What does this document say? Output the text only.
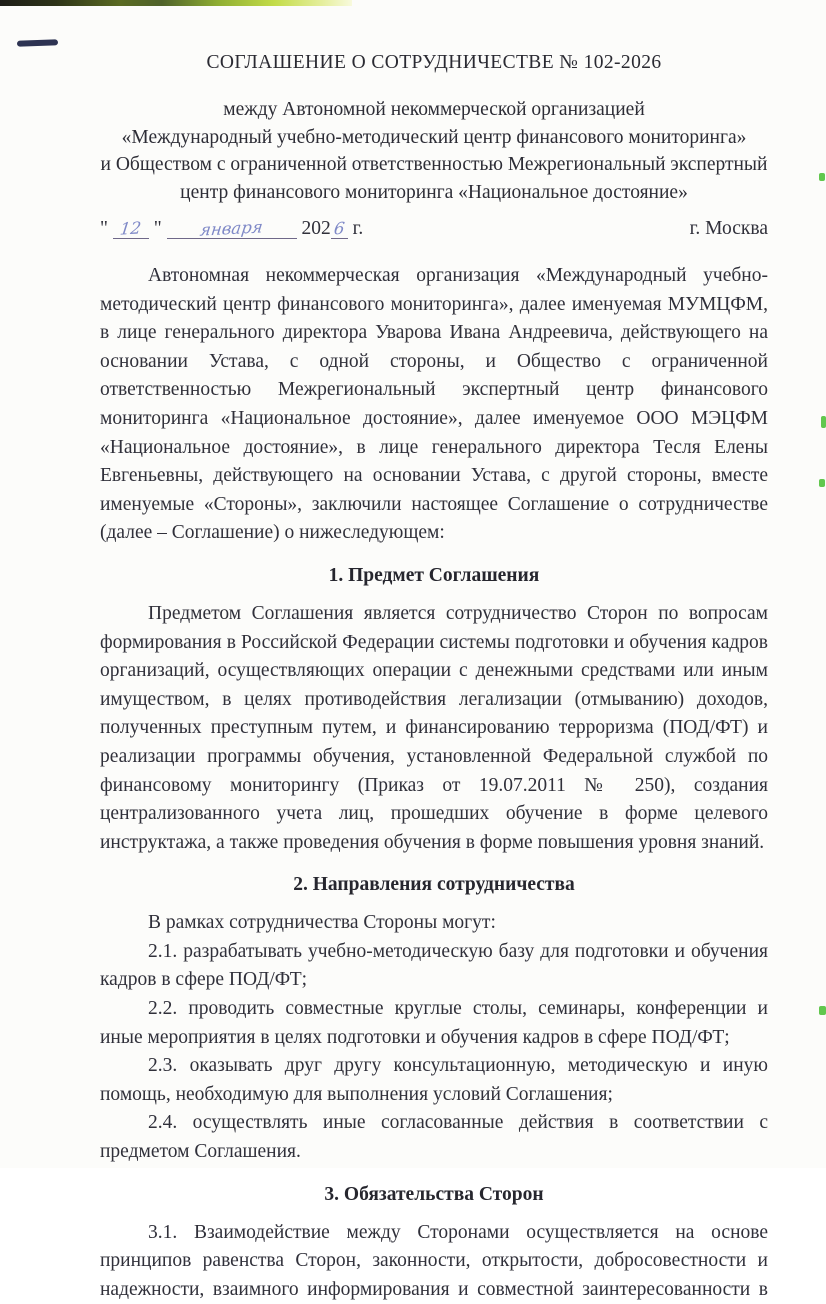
СОГЛАШЕНИЕ О СОТРУДНИЧЕСТВЕ № 102-2026
между Автономной некоммерческой организацией
«Международный учебно-методический центр финансового мониторинга»
и Обществом с ограниченной ответственностью Межрегиональный экспертный
центр финансового мониторинга «Национальное достояние»
" 12 " января 202 6 г.	г. Москва

Автономная некоммерческая организация «Международный учебно-методический центр финансового мониторинга», далее именуемая МУМЦФМ, в лице генерального директора Уварова Ивана Андреевича, действующего на основании Устава, с одной стороны, и Общество с ограниченной ответственностью Межрегиональный экспертный центр финансового мониторинга «Национальное достояние», далее именуемое ООО МЭЦФМ «Национальное достояние», в лице генерального директора Тесля Елены Евгеньевны, действующего на основании Устава, с другой стороны, вместе именуемые «Стороны», заключили настоящее Соглашение о сотрудничестве (далее – Соглашение) о нижеследующем:

1. Предмет Соглашения

Предметом Соглашения является сотрудничество Сторон по вопросам формирования в Российской Федерации системы подготовки и обучения кадров организаций, осуществляющих операции с денежными средствами или иным имуществом, в целях противодействия легализации (отмыванию) доходов, полученных преступным путем, и финансированию терроризма (ПОД/ФТ) и реализации программы обучения, установленной Федеральной службой по финансовому мониторингу (Приказ от 19.07.2011 № 250), создания централизованного учета лиц, прошедших обучение в форме целевого инструктажа, а также проведения обучения в форме повышения уровня знаний.

2. Направления сотрудничества

В рамках сотрудничества Стороны могут:

2.1. разрабатывать учебно-методическую базу для подготовки и обучения кадров в сфере ПОД/ФТ;

2.2. проводить совместные круглые столы, семинары, конференции и иные мероприятия в целях подготовки и обучения кадров в сфере ПОД/ФТ;

2.3. оказывать друг другу консультационную, методическую и иную помощь, необходимую для выполнения условий Соглашения;

2.4. осуществлять иные согласованные действия в соответствии с предметом Соглашения.

3. Обязательства Сторон

3.1. Взаимодействие между Сторонами осуществляется на основе принципов равенства Сторон, законности, открытости, добросовестности и надежности, взаимного информирования и совместной заинтересованности в
